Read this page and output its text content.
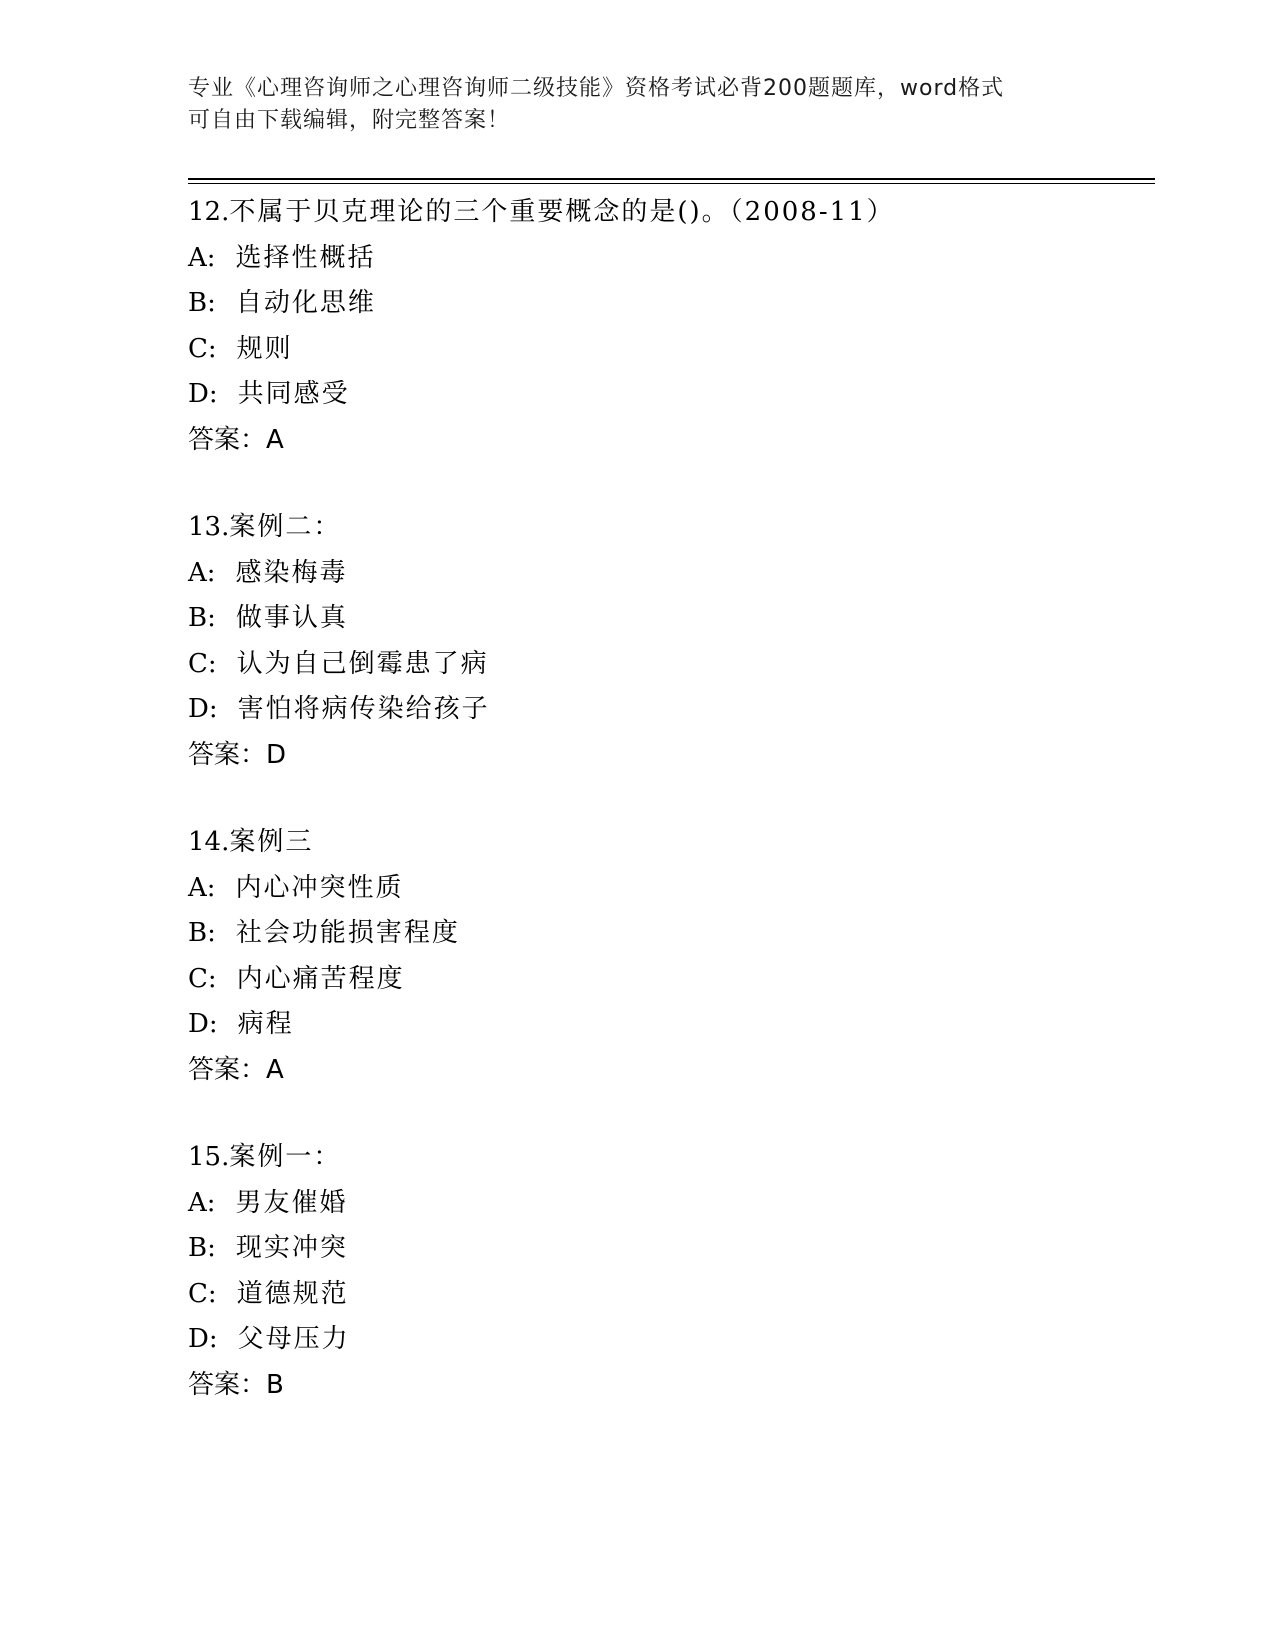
专业《心理咨询师之心理咨询师二级技能》资格考试必背200题题库，word格式
可自由下载编辑，附完整答案！
12.不属于贝克理论的三个重要概念的是()。（2008-11）
A: 选择性概括
B: 自动化思维
C: 规则
D: 共同感受
答案：A
13.案例二：
A: 感染梅毒
B: 做事认真
C: 认为自己倒霉患了病
D: 害怕将病传染给孩子
答案：D
14.案例三
A: 内心冲突性质
B: 社会功能损害程度
C: 内心痛苦程度
D: 病程
答案：A
15.案例一：
A: 男友催婚
B: 现实冲突
C: 道德规范
D: 父母压力
答案：B
